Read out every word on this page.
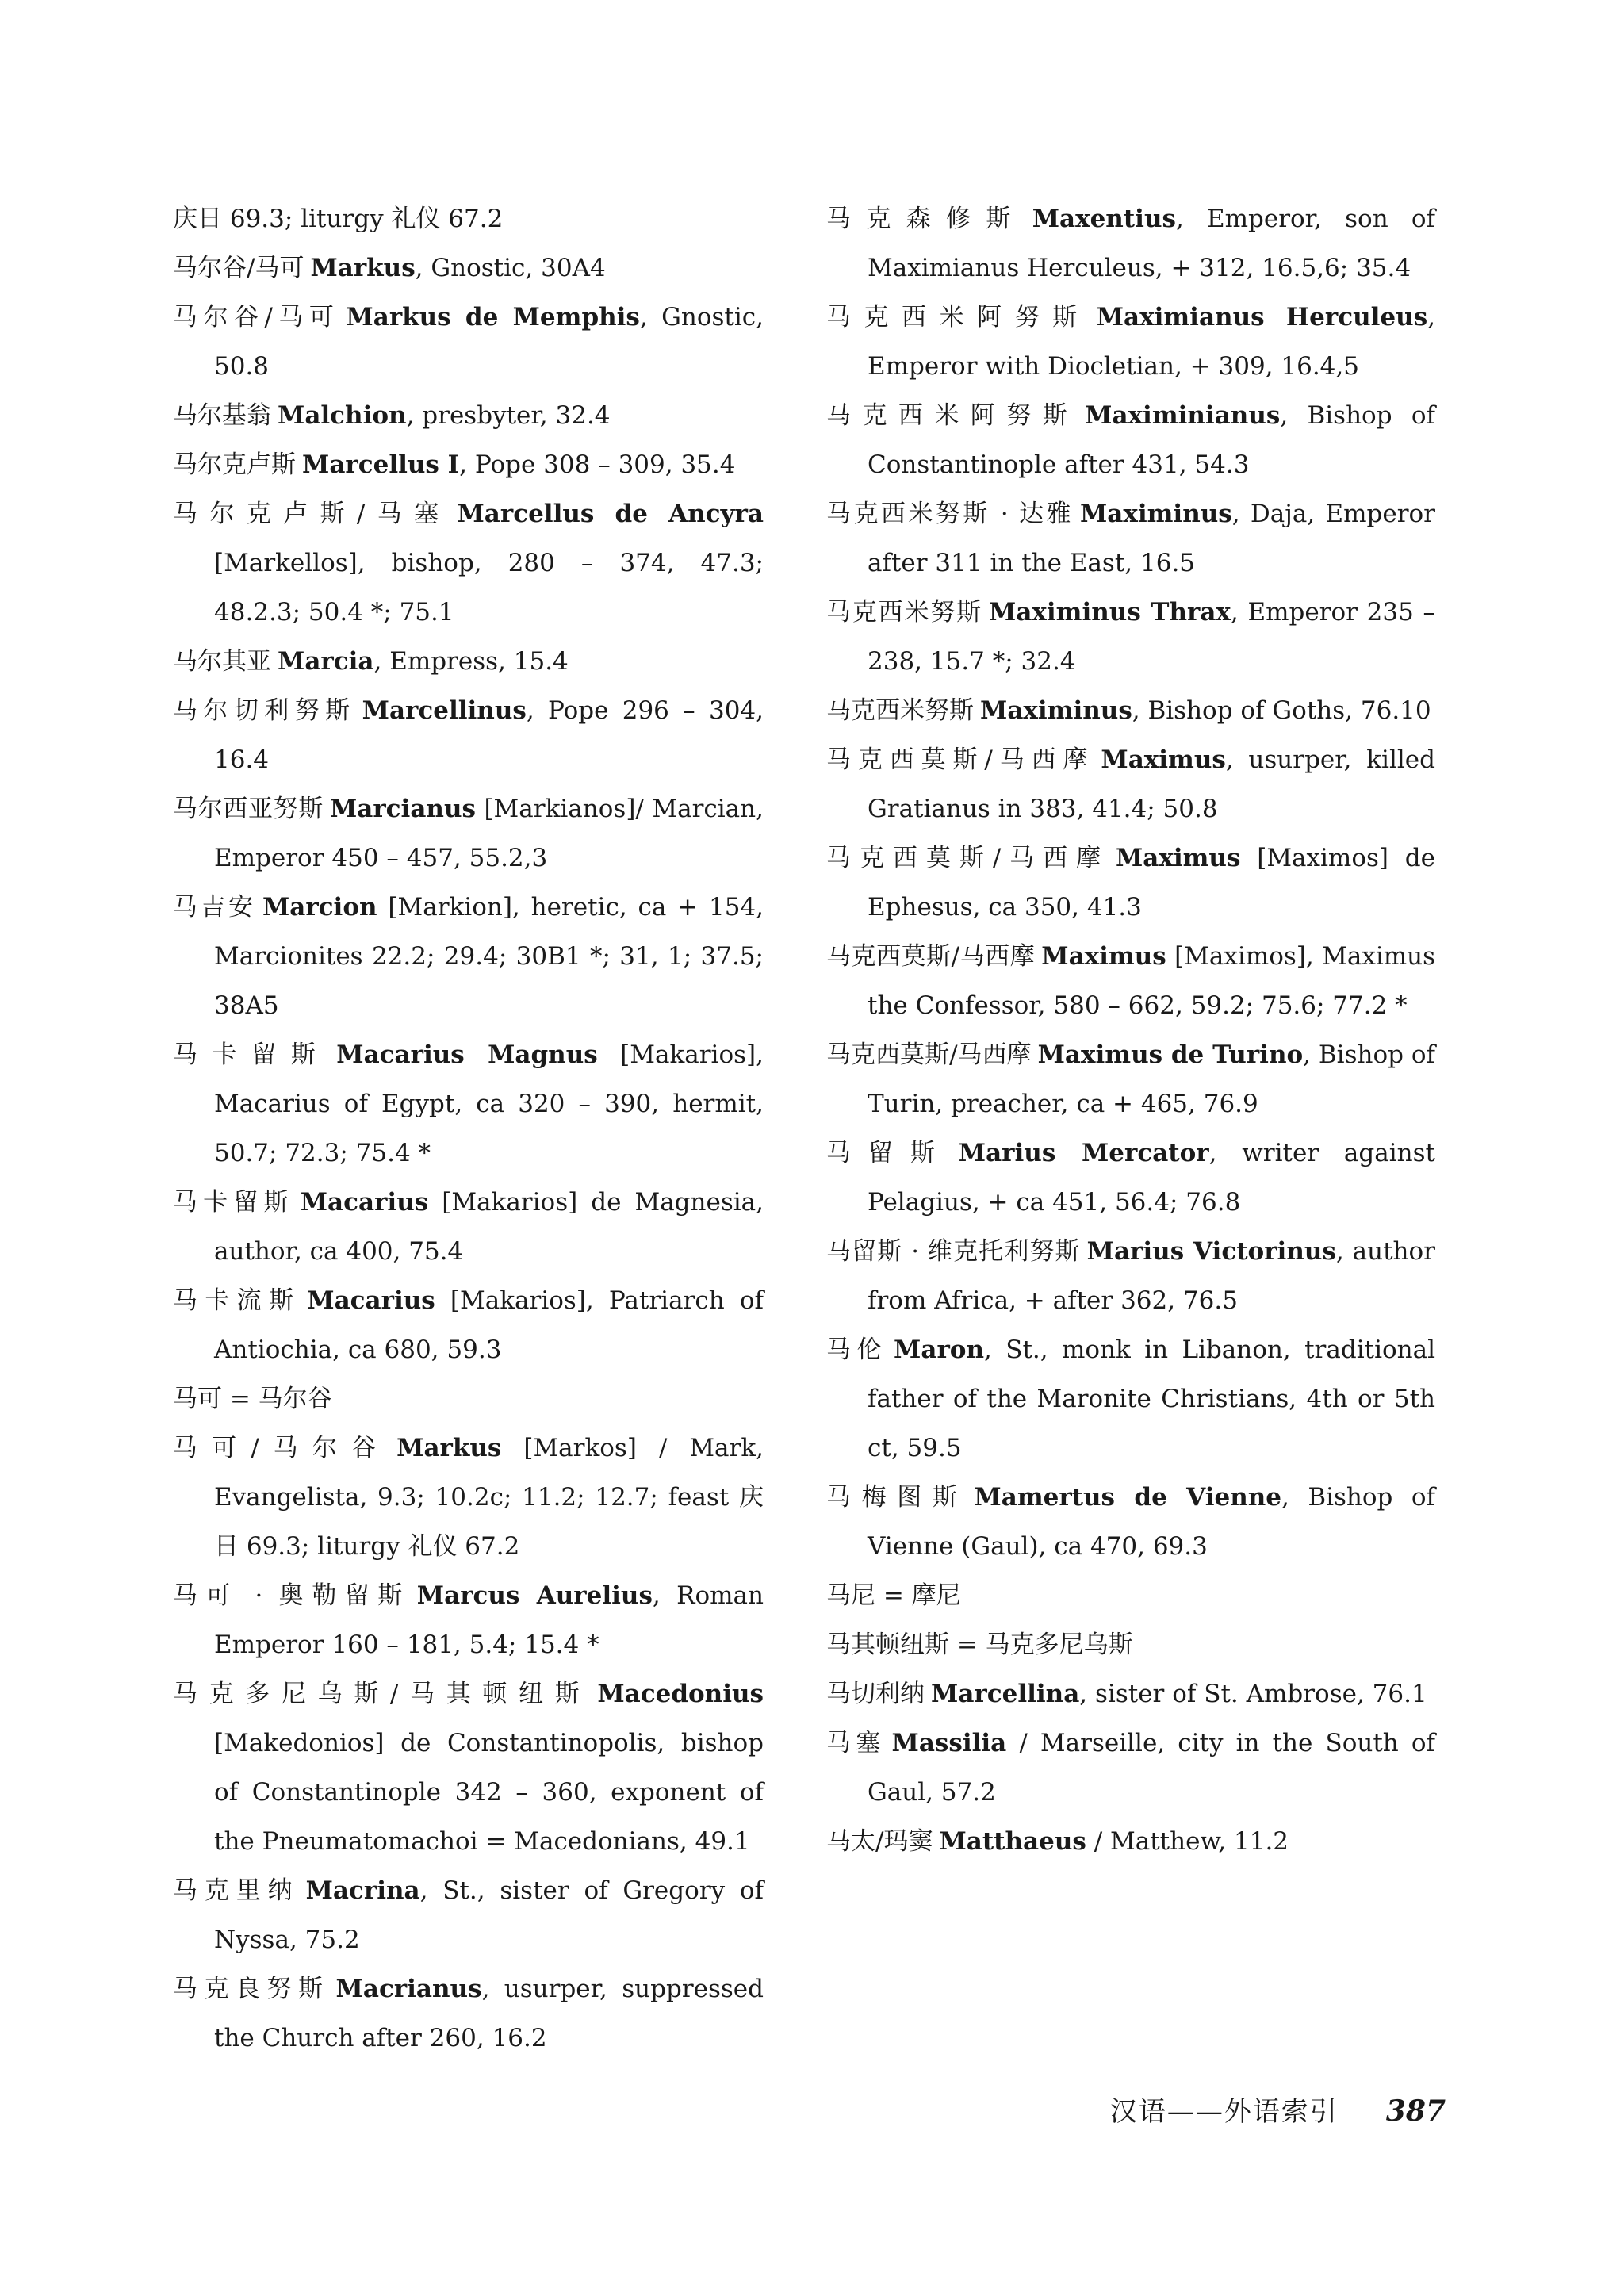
庆日 69.3; liturgy 礼仪 67.2
马尔谷/马可 Markus, Gnostic, 30A4
马尔谷/马可 Markus de Memphis, Gnostic, 50.8
马尔基翁 Malchion, presbyter, 32.4
马尔克卢斯 Marcellus I, Pope 308 – 309, 35.4
马尔克卢斯/马塞 Marcellus de Ancyra [Markellos], bishop, 280 – 374, 47.3; 48.2.3; 50.4 *; 75.1
马尔其亚 Marcia, Empress, 15.4
马尔切利努斯 Marcellinus, Pope 296 – 304, 16.4
马尔西亚努斯 Marcianus [Markianos]/ Marcian, Emperor 450 – 457, 55.2,3
马吉安 Marcion [Markion], heretic, ca + 154, Marcionites 22.2; 29.4; 30B1 *; 31, 1; 37.5; 38A5
马卡留斯 Macarius Magnus [Makarios], Macarius of Egypt, ca 320 – 390, hermit, 50.7; 72.3; 75.4 *
马卡留斯 Macarius [Makarios] de Magnesia, author, ca 400, 75.4
马卡流斯 Macarius [Makarios], Patriarch of Antiochia, ca 680, 59.3
马可 = 马尔谷
马可/马尔谷 Markus [Markos] / Mark, Evangelista, 9.3; 10.2c; 11.2; 12.7; feast 庆日 69.3; liturgy 礼仪 67.2
马可 · 奥勒留斯 Marcus Aurelius, Roman Emperor 160 – 181, 5.4; 15.4 *
马克多尼乌斯/马其顿纽斯 Macedonius [Makedonios] de Constantinopolis, bishop of Constantinople 342 – 360, exponent of the Pneumatomachoi = Macedonians, 49.1
马克里纳 Macrina, St., sister of Gregory of Nyssa, 75.2
马克良努斯 Macrianus, usurper, suppressed the Church after 260, 16.2
马克森修斯 Maxentius, Emperor, son of Maximianus Herculeus, + 312, 16.5,6; 35.4
马克西米阿努斯 Maximianus Herculeus, Emperor with Diocletian, + 309, 16.4,5
马克西米阿努斯 Maximinianus, Bishop of Constantinople after 431, 54.3
马克西米努斯 · 达雅 Maximinus, Daja, Emperor after 311 in the East, 16.5
马克西米努斯 Maximinus Thrax, Emperor 235 – 238, 15.7 *; 32.4
马克西米努斯 Maximinus, Bishop of Goths, 76.10
马克西莫斯/马西摩 Maximus, usurper, killed Gratianus in 383, 41.4; 50.8
马克西莫斯/马西摩 Maximus [Maximos] de Ephesus, ca 350, 41.3
马克西莫斯/马西摩 Maximus [Maximos], Maximus the Confessor, 580 – 662, 59.2; 75.6; 77.2 *
马克西莫斯/马西摩 Maximus de Turino, Bishop of Turin, preacher, ca + 465, 76.9
马留斯 Marius Mercator, writer against Pelagius, + ca 451, 56.4; 76.8
马留斯 · 维克托利努斯 Marius Victorinus, author from Africa, + after 362, 76.5
马伦 Maron, St., monk in Libanon, traditional father of the Maronite Christians, 4th or 5th ct, 59.5
马梅图斯 Mamertus de Vienne, Bishop of Vienne (Gaul), ca 470, 69.3
马尼 = 摩尼
马其顿纽斯 = 马克多尼乌斯
马切利纳 Marcellina, sister of St. Ambrose, 76.1
马塞 Massilia / Marseille, city in the South of Gaul, 57.2
马太/玛窦 Matthaeus / Matthew, 11.2
汉语——外语索引 387
